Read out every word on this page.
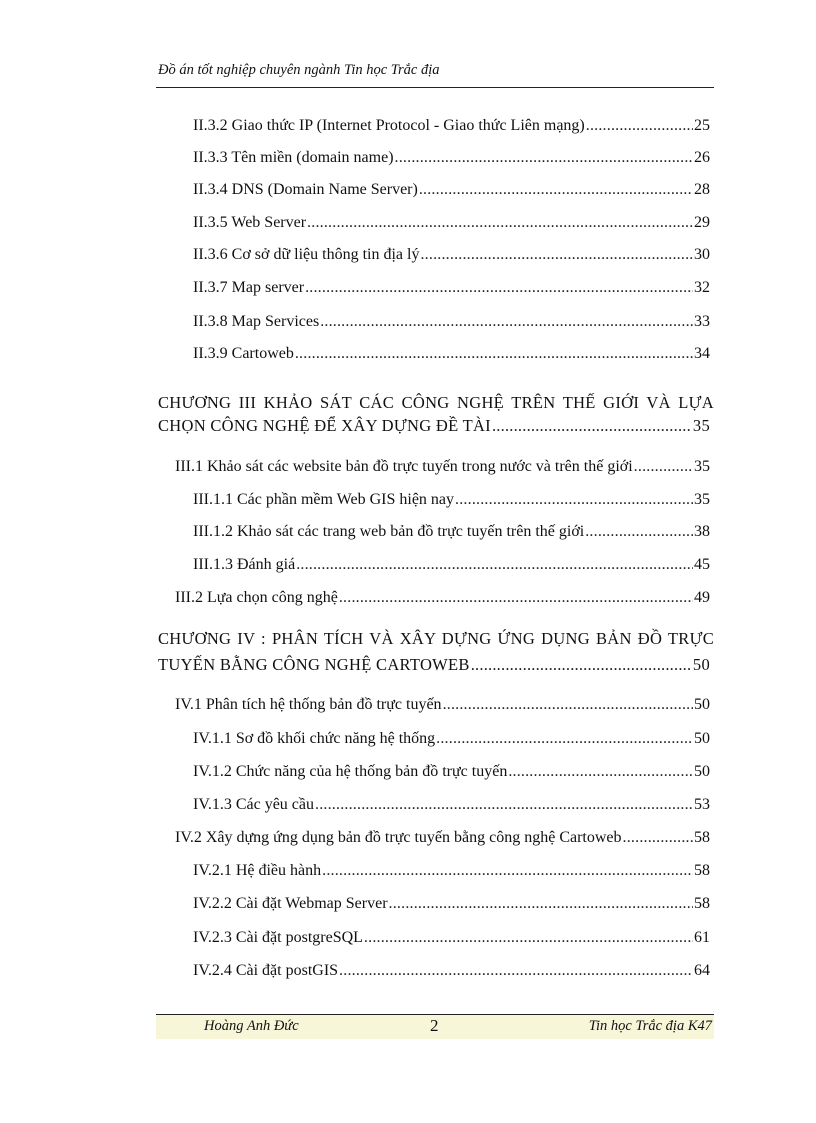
Đồ án tốt nghiệp chuyên ngành Tin học Trắc địa
II.3.2 Giao thức IP (Internet Protocol - Giao thức Liên mạng) .....	25
II.3.3 Tên miền (domain name) .....	26
II.3.4 DNS (Domain Name Server) .....	28
II.3.5 Web Server .....	29
II.3.6 Cơ sở dữ liệu thông tin địa lý .....	30
II.3.7 Map server .....	32
II.3.8 Map Services .....	33
II.3.9 Cartoweb .....	34
CHƯƠNG III KHẢO SÁT CÁC CÔNG NGHỆ TRÊN THẾ GIỚI VÀ LỰA
CHỌN CÔNG NGHỆ ĐỂ XÂY DỰNG ĐỀ TÀI .....	35
III.1 Khảo sát các website bản đồ trực tuyến trong nước và trên thế giới .....	35
III.1.1 Các phần mềm Web GIS hiện nay .....	35
III.1.2 Khảo sát các trang web bản đồ trực tuyến trên thế giới .....	38
III.1.3 Đánh giá .....	45
III.2 Lựa chọn công nghệ .....	49
CHƯƠNG IV : PHÂN TÍCH VÀ XÂY DỰNG ỨNG DỤNG BẢN ĐỒ TRỰC
TUYẾN BẰNG CÔNG NGHỆ CARTOWEB .....	50
IV.1 Phân tích hệ thống bản đồ trực tuyến .....	50
IV.1.1 Sơ đồ khối chức năng hệ thống .....	50
IV.1.2 Chức năng của hệ thống bản đồ trực tuyến .....	50
IV.1.3 Các yêu cầu .....	53
IV.2 Xây dựng ứng dụng bản đồ trực tuyến bằng công nghệ Cartoweb .....	58
IV.2.1 Hệ điều hành .....	58
IV.2.2 Cài đặt Webmap Server .....	58
IV.2.3 Cài đặt postgreSQL .....	61
IV.2.4 Cài đặt postGIS .....	64
Hoàng Anh Đức	2	Tin học Trắc địa K47
